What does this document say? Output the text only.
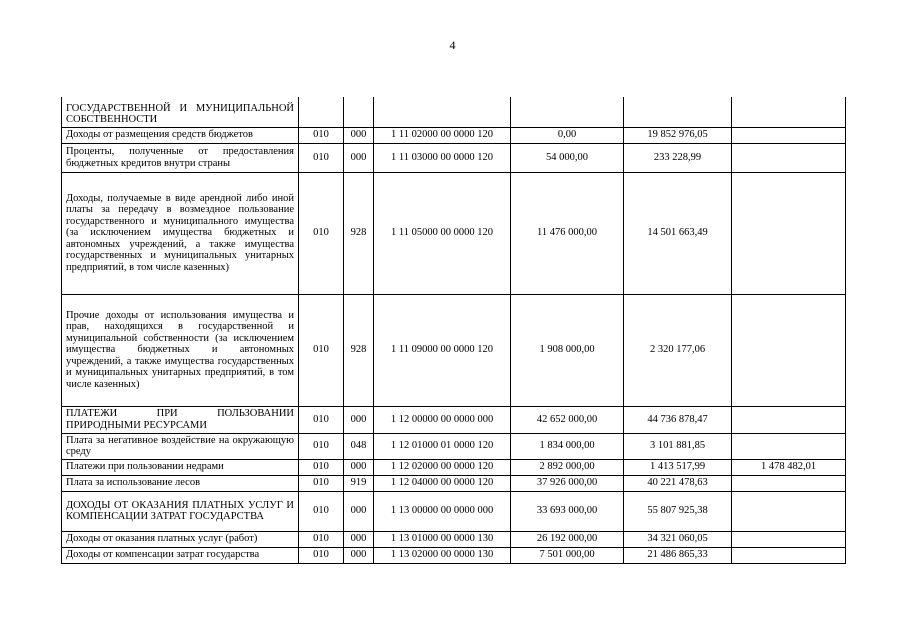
4
ГОСУДАРСТВЕННОЙ И МУНИЦИПАЛЬНОЙ СОБСТВЕННОСТИ						
Доходы от размещения средств бюджетов	010	000	1 11 02000 00 0000 120	0,00	19 852 976,05	
Проценты, полученные от предоставления бюджетных кредитов внутри страны	010	000	1 11 03000 00 0000 120	54 000,00	233 228,99	
Доходы, получаемые в виде арендной либо иной платы за передачу в возмездное пользование государственного и муниципального имущества (за исключением имущества бюджетных и автономных учреждений, а также имущества государственных и муниципальных унитарных предприятий, в том числе казенных)	010	928	1 11 05000 00 0000 120	11 476 000,00	14 501 663,49	
Прочие доходы от использования имущества и прав, находящихся в государственной и муниципальной собственности (за исключением имущества бюджетных и автономных учреждений, а также имущества государственных и муниципальных унитарных предприятий, в том числе казенных)	010	928	1 11 09000 00 0000 120	1 908 000,00	2 320 177,06	
ПЛАТЕЖИ ПРИ ПОЛЬЗОВАНИИ ПРИРОДНЫМИ РЕСУРСАМИ	010	000	1 12 00000 00 0000 000	42 652 000,00	44 736 878,47	
Плата за негативное воздействие на окружающую среду	010	048	1 12 01000 01 0000 120	1 834 000,00	3 101 881,85	
Платежи при пользовании недрами	010	000	1 12 02000 00 0000 120	2 892 000,00	1 413 517,99	1 478 482,01
Плата за использование лесов	010	919	1 12 04000 00 0000 120	37 926 000,00	40 221 478,63	
ДОХОДЫ ОТ ОКАЗАНИЯ ПЛАТНЫХ УСЛУГ И КОМПЕНСАЦИИ ЗАТРАТ ГОСУДАРСТВА	010	000	1 13 00000 00 0000 000	33 693 000,00	55 807 925,38	
Доходы от оказания платных услуг (работ)	010	000	1 13 01000 00 0000 130	26 192 000,00	34 321 060,05	
Доходы от компенсации затрат государства	010	000	1 13 02000 00 0000 130	7 501 000,00	21 486 865,33	
